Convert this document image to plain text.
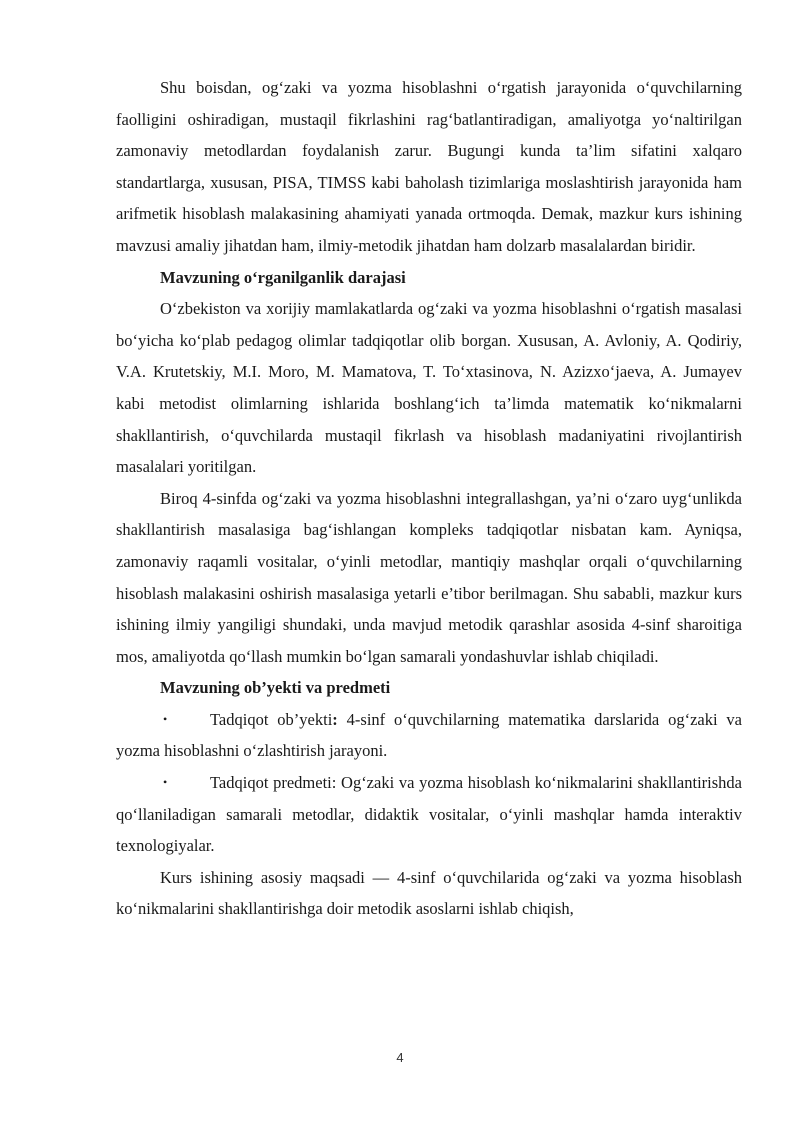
Shu boisdan, og‘zaki va yozma hisoblashni o‘rgatish jarayonida o‘quvchilarning faolligini oshiradigan, mustaqil fikrlashini rag‘batlantiradigan, amaliyotga yo‘naltirilgan zamonaviy metodlardan foydalanish zarur. Bugungi kunda ta’lim sifatini xalqaro standartlarga, xususan, PISA, TIMSS kabi baholash tizimlariga moslashtirish jarayonida ham arifmetik hisoblash malakasining ahamiyati yanada ortmoqda. Demak, mazkur kurs ishining mavzusi amaliy jihatdan ham, ilmiy-metodik jihatdan ham dolzarb masalalardan biridir.

Mavzuning o‘rganilganlik darajasi

O‘zbekiston va xorijiy mamlakatlarda og‘zaki va yozma hisoblashni o‘rgatish masalasi bo‘yicha ko‘plab pedagog olimlar tadqiqotlar olib borgan. Xususan, A. Avloniy, A. Qodiriy, V.A. Krutetskiy, M.I. Moro, M. Mamatova, T. To‘xtasinova, N. Azizxo‘jaeva, A. Jumayev kabi metodist olimlarning ishlarida boshlang‘ich ta’limda matematik ko‘nikmalarni shakllantirish, o‘quvchilarda mustaqil fikrlash va hisoblash madaniyatini rivojlantirish masalalari yoritilgan.

Biroq 4-sinfda og‘zaki va yozma hisoblashni integrallashgan, ya’ni o‘zaro uyg‘unlikda shakllantirish masalasiga bag‘ishlangan kompleks tadqiqotlar nisbatan kam. Ayniqsa, zamonaviy raqamli vositalar, o‘yinli metodlar, mantiqiy mashqlar orqali o‘quvchilarning hisoblash malakasini oshirish masalasiga yetarli e’tibor berilmagan. Shu sababli, mazkur kurs ishining ilmiy yangiligi shundaki, unda mavjud metodik qarashlar asosida 4-sinf sharoitiga mos, amaliyotda qo‘llash mumkin bo‘lgan samarali yondashuvlar ishlab chiqiladi.

Mavzuning ob’yekti va predmeti

•	Tadqiqot ob’yekti: 4-sinf o‘quvchilarning matematika darslarida og‘zaki va yozma hisoblashni o‘zlashtirish jarayoni.

•	Tadqiqot predmeti: Og‘zaki va yozma hisoblash ko‘nikmalarini shakllantirishda qo‘llaniladigan samarali metodlar, didaktik vositalar, o‘yinli mashqlar hamda interaktiv texnologiyalar.

Kurs ishining asosiy maqsadi — 4-sinf o‘quvchilarida og‘zaki va yozma hisoblash ko‘nikmalarini shakllantirishga doir metodik asoslarni ishlab chiqish,

4
